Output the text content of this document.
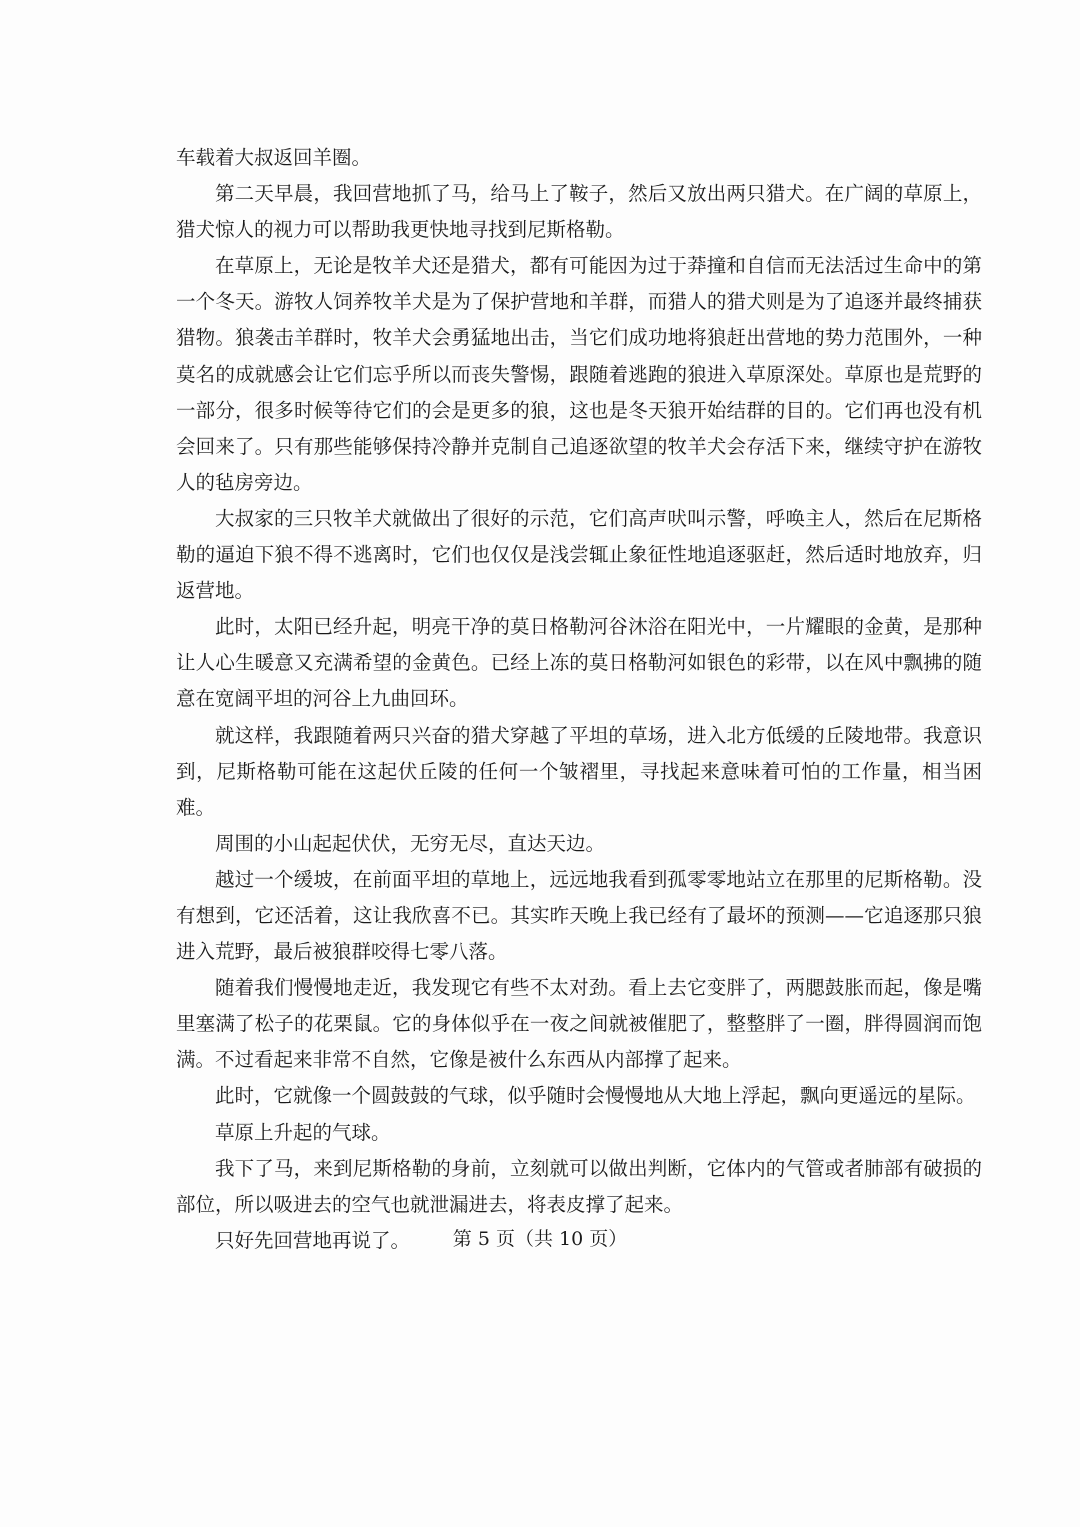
车载着大叔返回羊圈。

第二天早晨，我回营地抓了马，给马上了鞍子，然后又放出两只猎犬。在广阔的草原上，猎犬惊人的视力可以帮助我更快地寻找到尼斯格勒。

在草原上，无论是牧羊犬还是猎犬，都有可能因为过于莽撞和自信而无法活过生命中的第一个冬天。游牧人饲养牧羊犬是为了保护营地和羊群，而猎人的猎犬则是为了追逐并最终捕获猎物。狼袭击羊群时，牧羊犬会勇猛地出击，当它们成功地将狼赶出营地的势力范围外，一种莫名的成就感会让它们忘乎所以而丧失警惕，跟随着逃跑的狼进入草原深处。草原也是荒野的一部分，很多时候等待它们的会是更多的狼，这也是冬天狼开始结群的目的。它们再也没有机会回来了。只有那些能够保持冷静并克制自己追逐欲望的牧羊犬会存活下来，继续守护在游牧人的毡房旁边。

大叔家的三只牧羊犬就做出了很好的示范，它们高声吠叫示警，呼唤主人，然后在尼斯格勒的逼迫下狼不得不逃离时，它们也仅仅是浅尝辄止象征性地追逐驱赶，然后适时地放弃，归返营地。

此时，太阳已经升起，明亮干净的莫日格勒河谷沐浴在阳光中，一片耀眼的金黄，是那种让人心生暖意又充满希望的金黄色。已经上冻的莫日格勒河如银色的彩带，以在风中飘拂的随意在宽阔平坦的河谷上九曲回环。

就这样，我跟随着两只兴奋的猎犬穿越了平坦的草场，进入北方低缓的丘陵地带。我意识到，尼斯格勒可能在这起伏丘陵的任何一个皱褶里，寻找起来意味着可怕的工作量，相当困难。

周围的小山起起伏伏，无穷无尽，直达天边。

越过一个缓坡，在前面平坦的草地上，远远地我看到孤零零地站立在那里的尼斯格勒。没有想到，它还活着，这让我欣喜不已。其实昨天晚上我已经有了最坏的预测——它追逐那只狼进入荒野，最后被狼群咬得七零八落。

随着我们慢慢地走近，我发现它有些不太对劲。看上去它变胖了，两腮鼓胀而起，像是嘴里塞满了松子的花栗鼠。它的身体似乎在一夜之间就被催肥了，整整胖了一圈，胖得圆润而饱满。不过看起来非常不自然，它像是被什么东西从内部撑了起来。

此时，它就像一个圆鼓鼓的气球，似乎随时会慢慢地从大地上浮起，飘向更遥远的星际。

草原上升起的气球。

我下了马，来到尼斯格勒的身前，立刻就可以做出判断，它体内的气管或者肺部有破损的部位，所以吸进去的空气也就泄漏进去，将表皮撑了起来。

只好先回营地再说了。	第 5 页（共 10 页）
